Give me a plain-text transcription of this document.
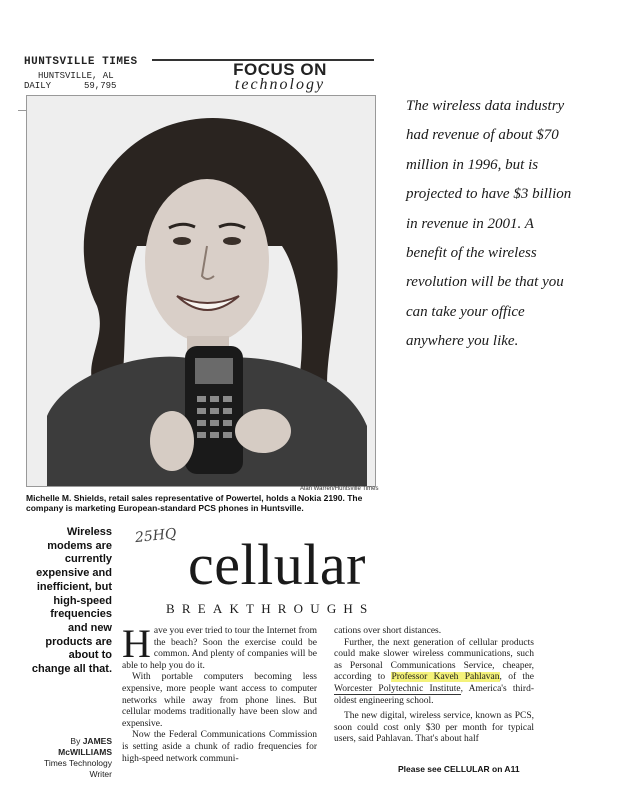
HUNTSVILLE TIMES
HUNTSVILLE, AL
DAILY	59,795
FOCUS ON
technology
Alan Warren/Huntsville Times
Michelle M. Shields, retail sales representative of Powertel, holds a Nokia 2190. The company is marketing European-standard PCS phones in Huntsville.

The wireless data industry had revenue of about $70 million in 1996, but is projected to have $3 billion in revenue in 2001. A benefit of the wireless revolution will be that you can take your office anywhere you like.

Wireless modems are currently expensive and inefficient, but high-speed frequencies and new products are about to change all that.
By JAMES
McWILLIAMS
Times Technology
Writer
25HQ cellular
BREAKTHROUGHS

Have you ever tried to tour the Internet from the beach? Soon the exercise could be common. And plenty of companies will be able to help you do it.

With portable computers becoming less expensive, more people want access to computer networks while away from phone lines. But cellular modems traditionally have been slow and expensive.

Now the Federal Communications Commission is setting aside a chunk of radio frequencies for high-speed network communi-

cations over short distances.

Further, the next generation of cellular products could make slower wireless communications, such as Personal Communications Service, cheaper, according to Professor Kaveh Pahlavan, of the Worcester Polytechnic Institute, America's third-oldest engineering school.

The new digital, wireless service, known as PCS, soon could cost only $30 per month for typical users, said Pahlavan. That's about half

Please see CELLULAR on A11
